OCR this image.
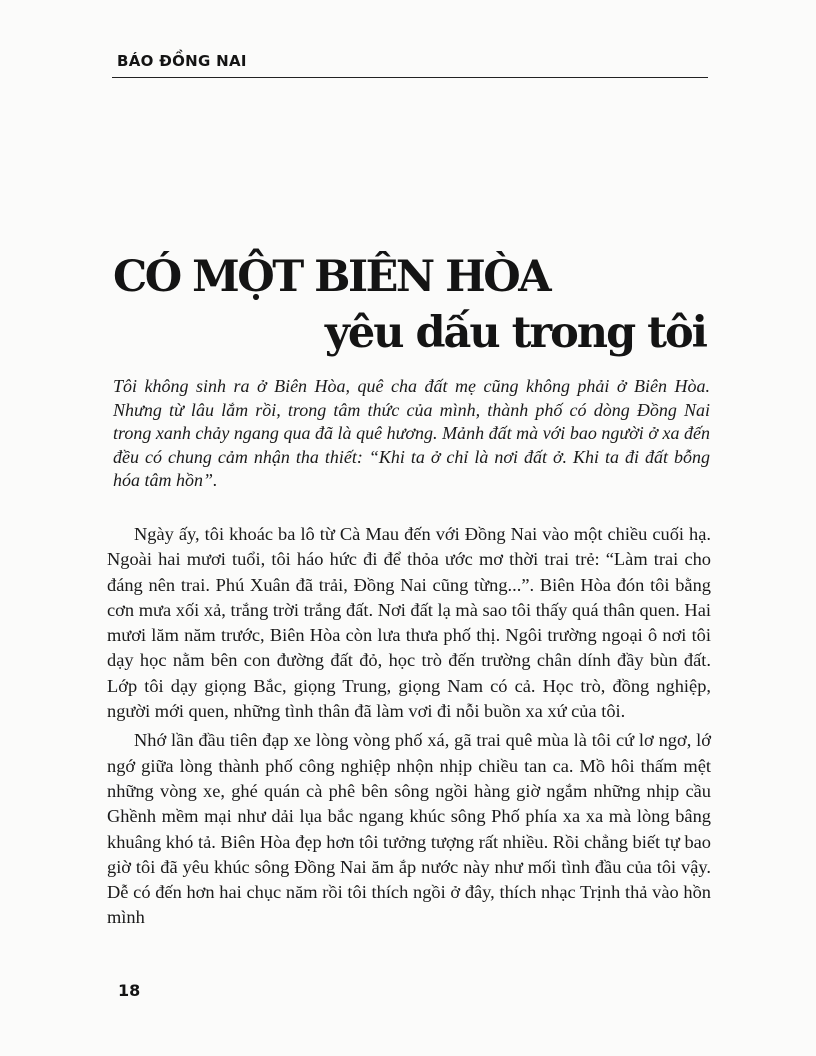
BÁO ĐỒNG NAI
CÓ MỘT BIÊN HÒA
yêu dấu trong tôi

Tôi không sinh ra ở Biên Hòa, quê cha đất mẹ cũng không phải ở Biên Hòa. Nhưng từ lâu lắm rồi, trong tâm thức của mình, thành phố có dòng Đồng Nai trong xanh chảy ngang qua đã là quê hương. Mảnh đất mà với bao người ở xa đến đều có chung cảm nhận tha thiết: “Khi ta ở chỉ là nơi đất ở. Khi ta đi đất bỗng hóa tâm hồn”.

Ngày ấy, tôi khoác ba lô từ Cà Mau đến với Đồng Nai vào một chiều cuối hạ. Ngoài hai mươi tuổi, tôi háo hức đi để thỏa ước mơ thời trai trẻ: “Làm trai cho đáng nên trai. Phú Xuân đã trải, Đồng Nai cũng từng...”. Biên Hòa đón tôi bằng cơn mưa xối xả, trắng trời trắng đất. Nơi đất lạ mà sao tôi thấy quá thân quen. Hai mươi lăm năm trước, Biên Hòa còn lưa thưa phố thị. Ngôi trường ngoại ô nơi tôi dạy học nằm bên con đường đất đỏ, học trò đến trường chân dính đầy bùn đất. Lớp tôi dạy giọng Bắc, giọng Trung, giọng Nam có cả. Học trò, đồng nghiệp, người mới quen, những tình thân đã làm vơi đi nỗi buồn xa xứ của tôi.

Nhớ lần đầu tiên đạp xe lòng vòng phố xá, gã trai quê mùa là tôi cứ lơ ngơ, lớ ngớ giữa lòng thành phố công nghiệp nhộn nhịp chiều tan ca. Mồ hôi thấm mệt những vòng xe, ghé quán cà phê bên sông ngồi hàng giờ ngắm những nhịp cầu Ghềnh mềm mại như dải lụa bắc ngang khúc sông Phố phía xa xa mà lòng bâng khuâng khó tả. Biên Hòa đẹp hơn tôi tưởng tượng rất nhiều. Rồi chẳng biết tự bao giờ tôi đã yêu khúc sông Đồng Nai ăm ắp nước này như mối tình đầu của tôi vậy. Dễ có đến hơn hai chục năm rồi tôi thích ngồi ở đây, thích nhạc Trịnh thả vào hồn mình

18
